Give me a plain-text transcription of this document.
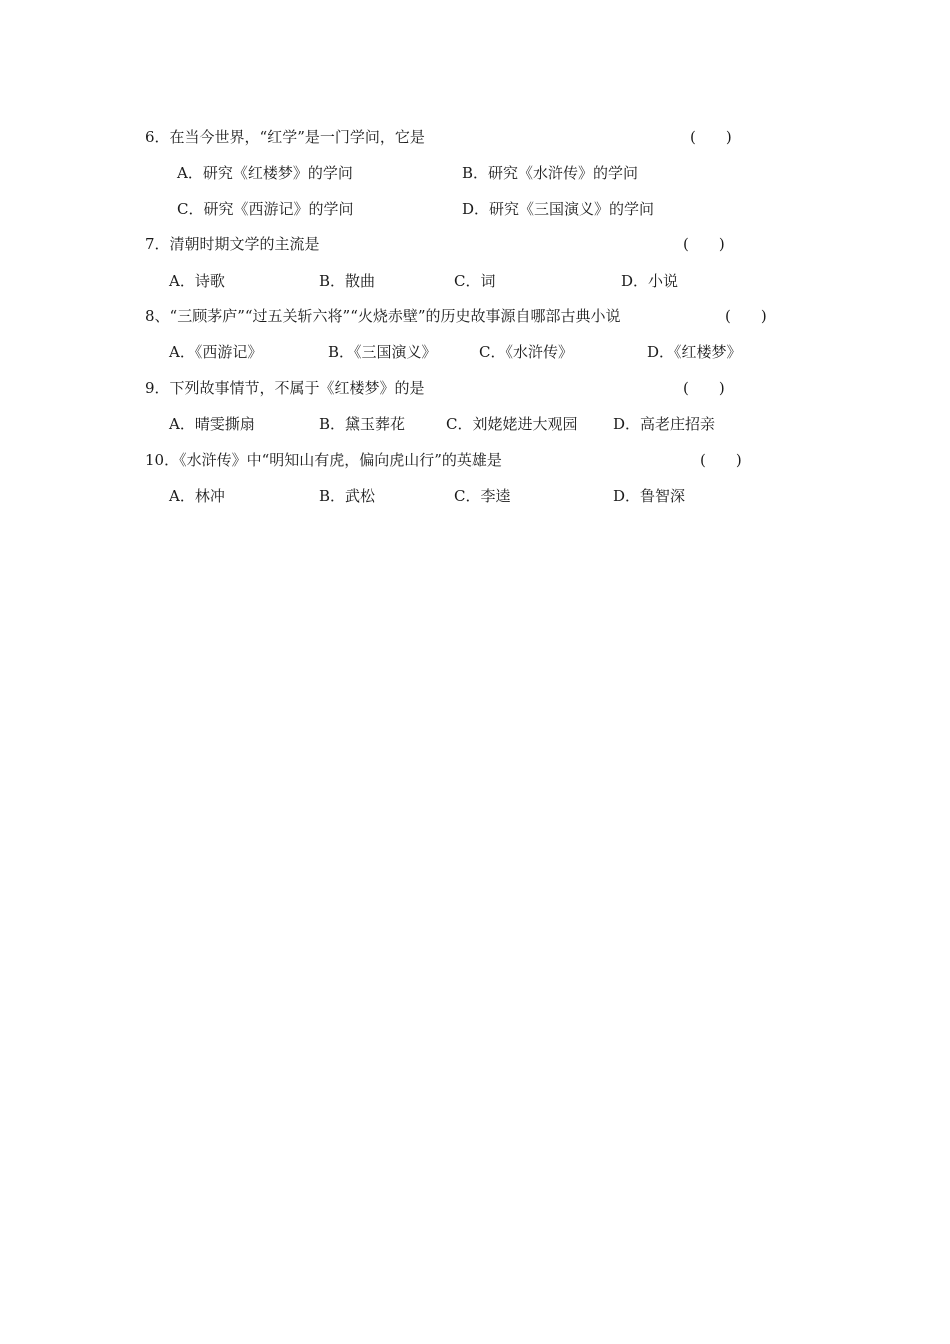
6．在当今世界，“红学”是一门学问，它是	(　　)
A．研究《红楼梦》的学问	B．研究《水浒传》的学问
C．研究《西游记》的学问	D．研究《三国演义》的学问
7．清朝时期文学的主流是	(　　)
A．诗歌	B．散曲	C．词	D．小说
8、“三顾茅庐”“过五关斩六将”“火烧赤壁”的历史故事源自哪部古典小说	(　　)
A．《西游记》	B．《三国演义》	C．《水浒传》	D．《红楼梦》
9．下列故事情节，不属于《红楼梦》的是	(　　)
A．晴雯撕扇	B．黛玉葬花	C．刘姥姥进大观园 D．高老庄招亲
10．《水浒传》中“明知山有虎，偏向虎山行”的英雄是	(　　)
A．林冲	B．武松	C．李逵	D．鲁智深
